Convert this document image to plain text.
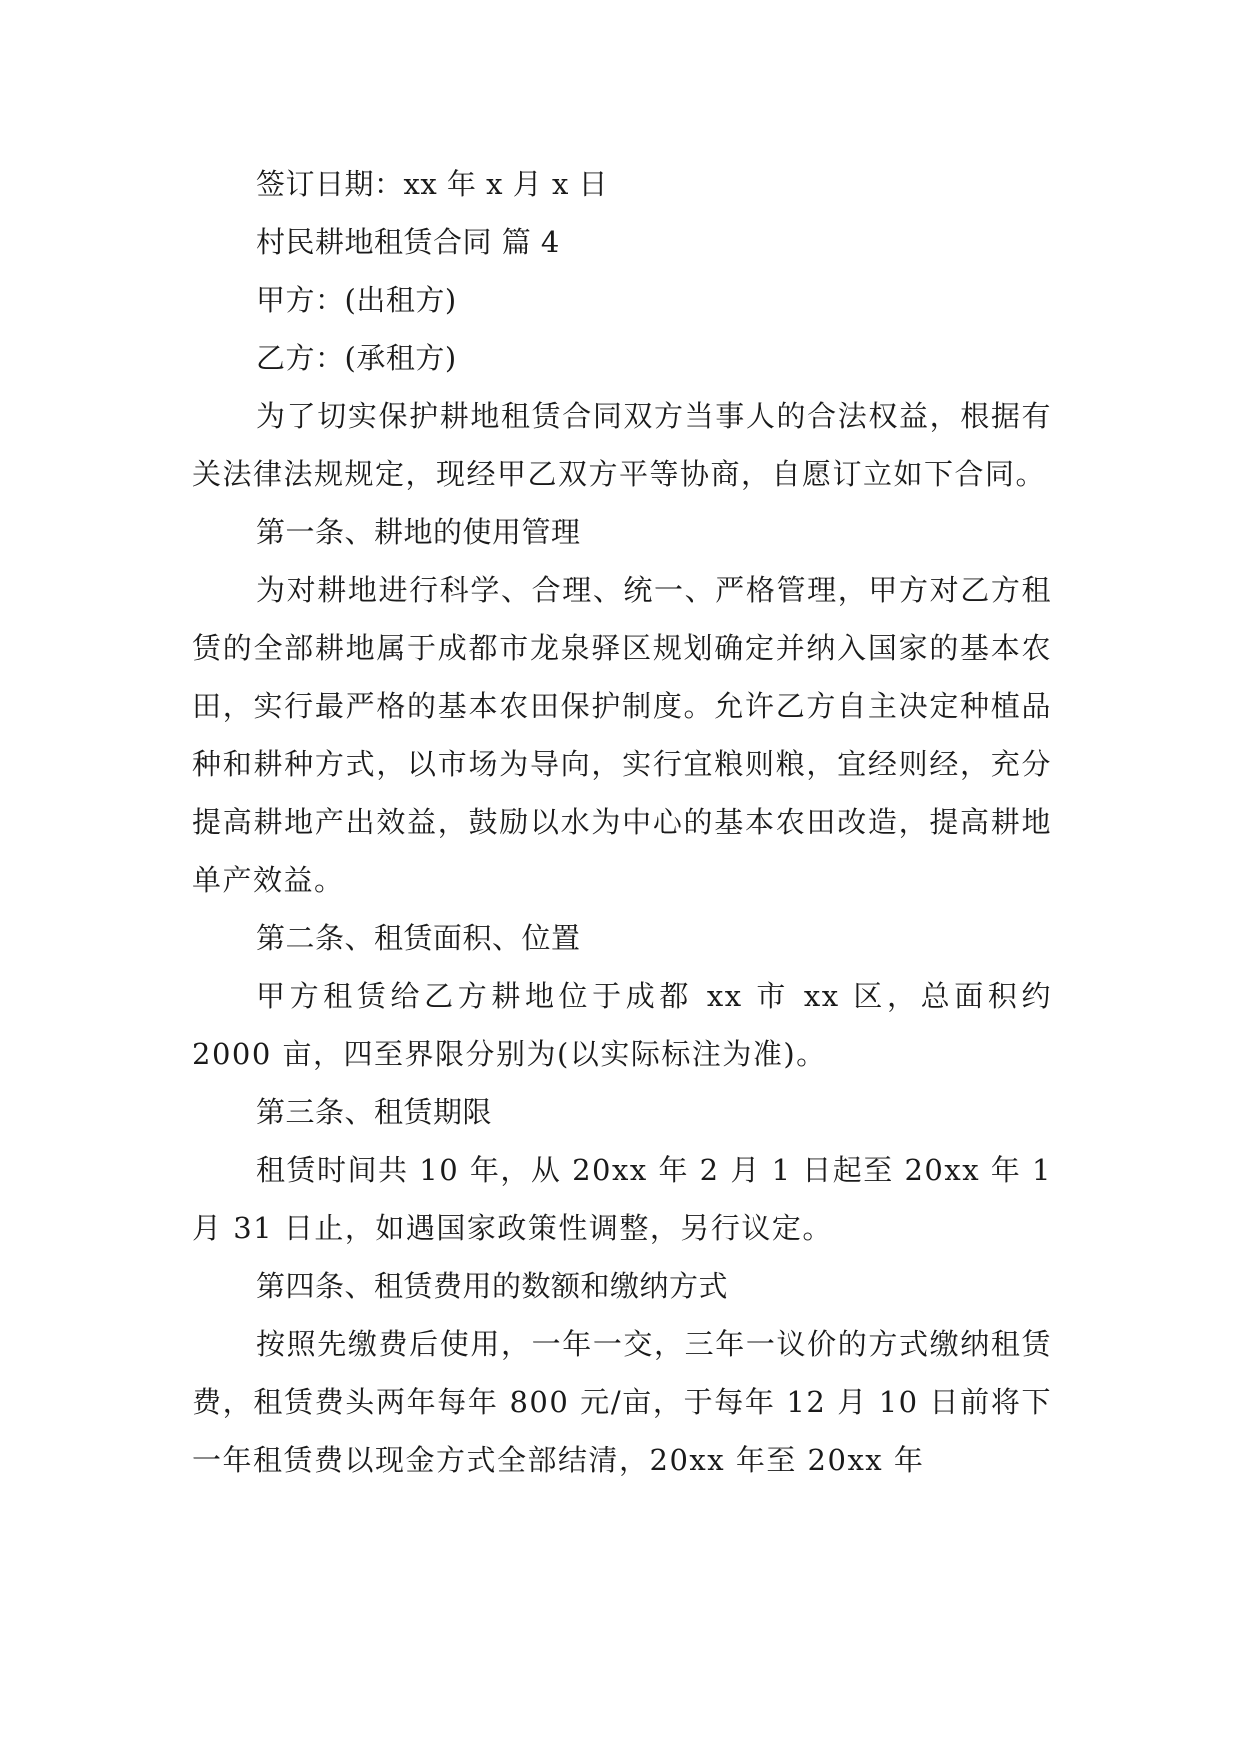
签订日期：xx 年 x 月 x 日

村民耕地租赁合同 篇 4

甲方：(出租方)

乙方：(承租方)

为了切实保护耕地租赁合同双方当事人的合法权益，根据有关法律法规规定，现经甲乙双方平等协商，自愿订立如下合同。

第一条、耕地的使用管理

为对耕地进行科学、合理、统一、严格管理，甲方对乙方租赁的全部耕地属于成都市龙泉驿区规划确定并纳入国家的基本农田，实行最严格的基本农田保护制度。允许乙方自主决定种植品种和耕种方式，以市场为导向，实行宜粮则粮，宜经则经，充分提高耕地产出效益，鼓励以水为中心的基本农田改造，提高耕地单产效益。

第二条、租赁面积、位置

甲方租赁给乙方耕地位于成都 xx 市 xx 区，总面积约 2000 亩，四至界限分别为(以实际标注为准)。

第三条、租赁期限

租赁时间共 10 年，从 20xx 年 2 月 1 日起至 20xx 年 1 月 31 日止，如遇国家政策性调整，另行议定。

第四条、租赁费用的数额和缴纳方式

按照先缴费后使用，一年一交，三年一议价的方式缴纳租赁费，租赁费头两年每年 800 元/亩，于每年 12 月 10 日前将下一年租赁费以现金方式全部结清，20xx 年至 20xx 年
